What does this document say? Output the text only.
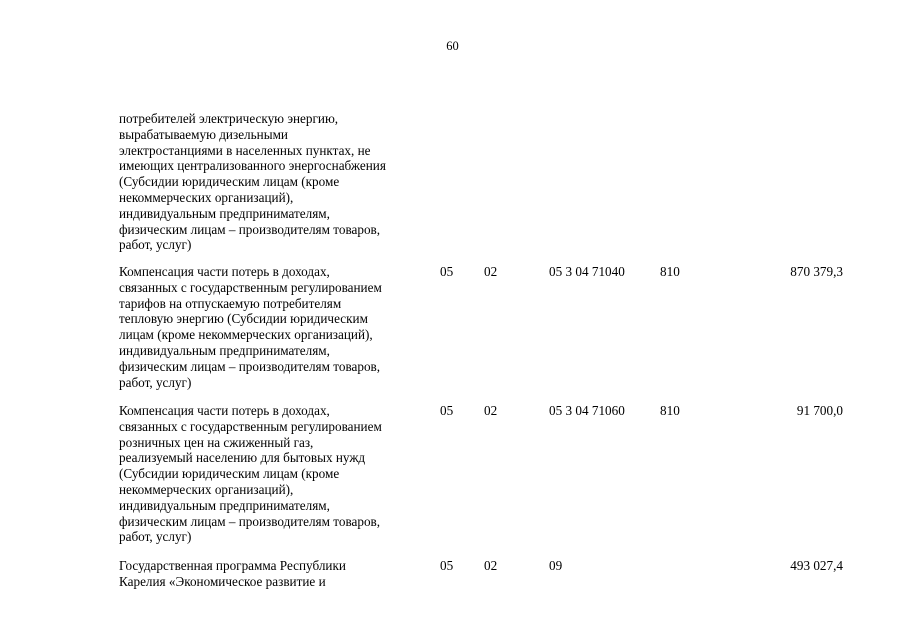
60
потребителей электрическую энергию,
вырабатываемую дизельными
электростанциями в населенных пунктах, не
имеющих централизованного энергоснабжения
(Субсидии юридическим лицам (кроме
некоммерческих организаций),
индивидуальным предпринимателям,
физическим лицам – производителям товаров,
работ, услуг)
Компенсация части потерь в доходах,
связанных с государственным регулированием
тарифов на отпускаемую потребителям
тепловую энергию (Субсидии юридическим
лицам (кроме некоммерческих организаций),
индивидуальным предпринимателям,
физическим лицам – производителям товаров,
работ, услуг)
05 02	05 3 04 71040	810	870 379,3
Компенсация части потерь в доходах,
связанных с государственным регулированием
розничных цен на сжиженный газ,
реализуемый населению для бытовых нужд
(Субсидии юридическим лицам (кроме
некоммерческих организаций),
индивидуальным предпринимателям,
физическим лицам – производителям товаров,
работ, услуг)
05 02	05 3 04 71060	810	91 700,0
Государственная программа Республики
Карелия «Экономическое развитие и
05 02	09	493 027,4
